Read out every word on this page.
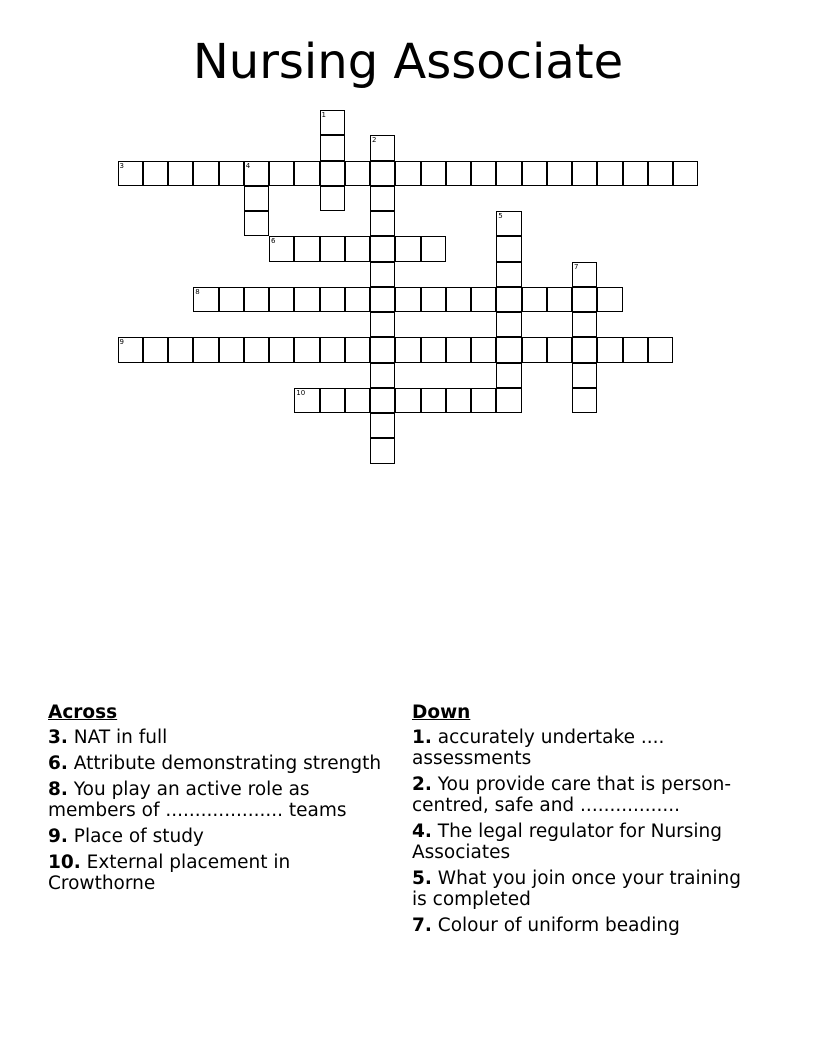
Nursing Associate
3	4
6
8
9
10
1
2
5
7
Across
3. NAT in full
6. Attribute demonstrating strength
8. You play an active role as members of .................... teams
9. Place of study
10. External placement in Crowthorne
Down
1. accurately undertake .... assessments
2. You provide care that is person-centred, safe and .................
4. The legal regulator for Nursing Associates
5. What you join once your training is completed
7. Colour of uniform beading
